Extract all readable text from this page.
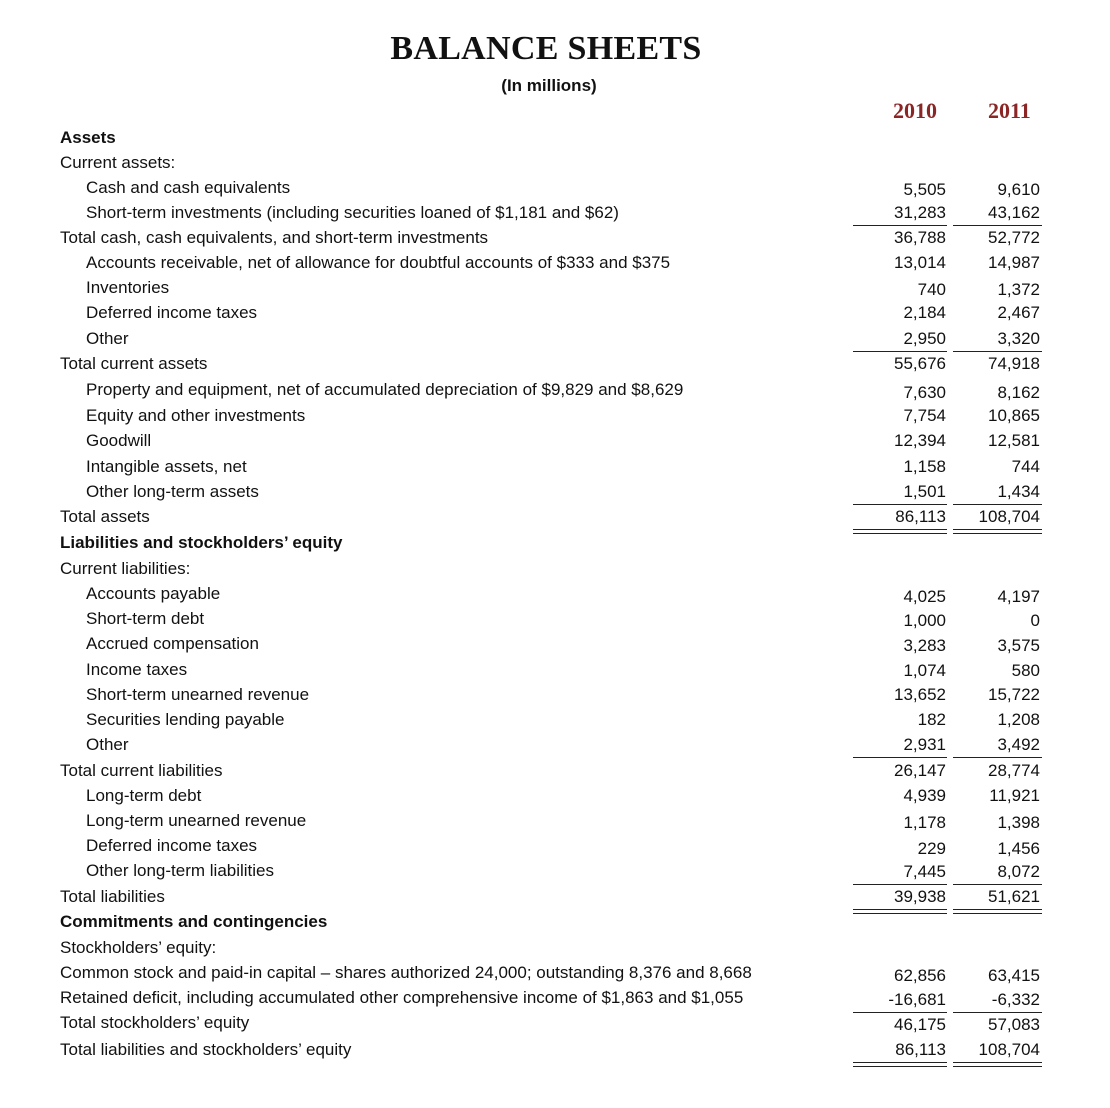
BALANCE SHEETS
(In millions)
2010 2011
Assets
Current assets:
Cash and cash equivalents	5,505	9,610
Short-term investments (including securities loaned of $1,181 and $62)	31,283 43,162
Total cash, cash equivalents, and short-term investments	36,788 52,772
Accounts receivable, net of allowance for doubtful accounts of $333 and $375	13,014 14,987
Inventories	740	1,372
Deferred income taxes	2,184	2,467
Other	2,950	3,320
Total current assets	55,676 74,918
Property and equipment, net of accumulated depreciation of $9,829 and $8,629	7,630	8,162
Equity and other investments	7,754 10,865
Goodwill	12,394 12,581
Intangible assets, net	1,158	744
Other long-term assets	1,501	1,434
Total assets	86,113 108,704
Liabilities and stockholders’ equity
Current liabilities:
Accounts payable	4,025	4,197
Short-term debt	1,000	0
Accrued compensation	3,283	3,575
Income taxes	1,074	580
Short-term unearned revenue	13,652 15,722
Securities lending payable	182	1,208
Other	2,931	3,492
Total current liabilities	26,147 28,774
Long-term debt	4,939	11,921
Long-term unearned revenue	1,178	1,398
Deferred income taxes	229	1,456
Other long-term liabilities	7,445	8,072
Total liabilities	39,938 51,621
Commitments and contingencies
Stockholders’ equity:
Common stock and paid-in capital – shares authorized 24,000; outstanding 8,376 and 8,668	62,856 63,415
Retained deficit, including accumulated other comprehensive income of $1,863 and $1,055	-16,681	-6,332
Total stockholders’ equity	46,175 57,083
Total liabilities and stockholders’ equity	86,113 108,704
